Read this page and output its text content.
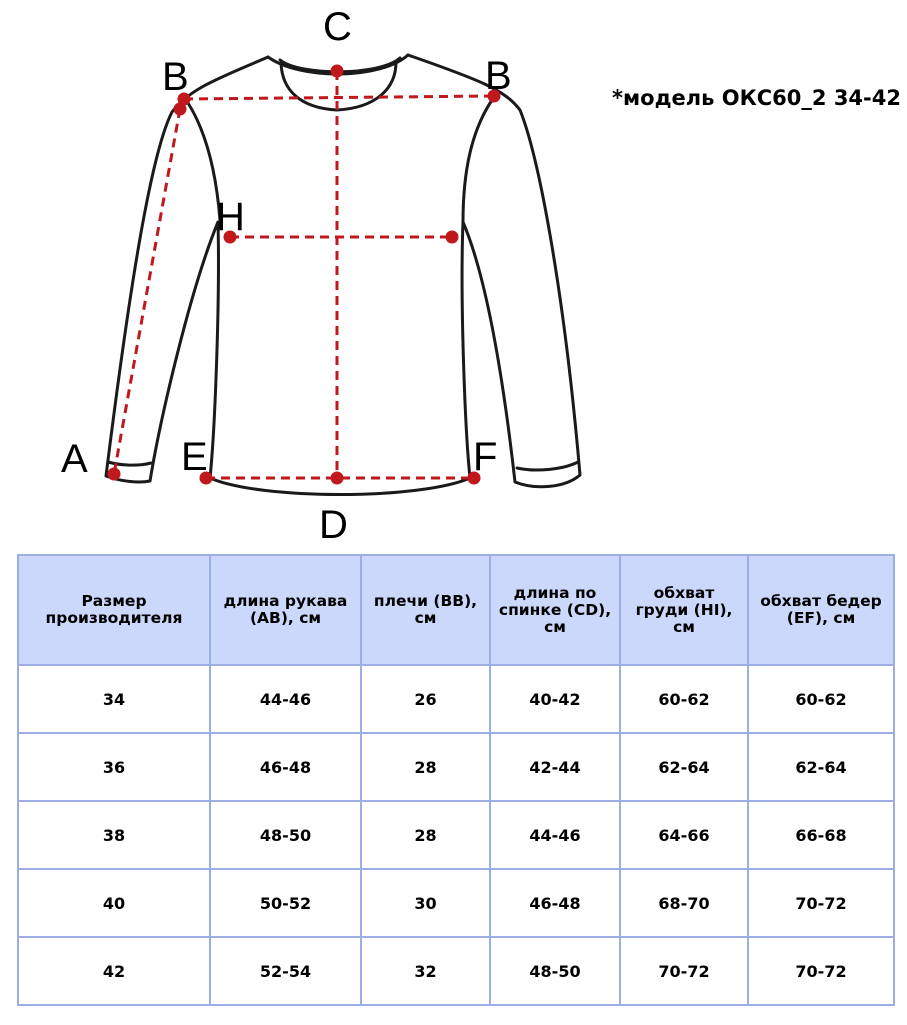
C
B	B
H
A E	F
D
*модель ОКС60_2 34-42
Размер производителя	длина рукава (AB), см	плечи (BB), см	длина по спинке (CD), см	обхват груди (HI), см	обхват бедер (EF), см
34	44-46	26	40-42	60-62	60-62
36	46-48	28	42-44	62-64	62-64
38	48-50	28	44-46	64-66	66-68
40	50-52	30	46-48	68-70	70-72
42	52-54	32	48-50	70-72	70-72
